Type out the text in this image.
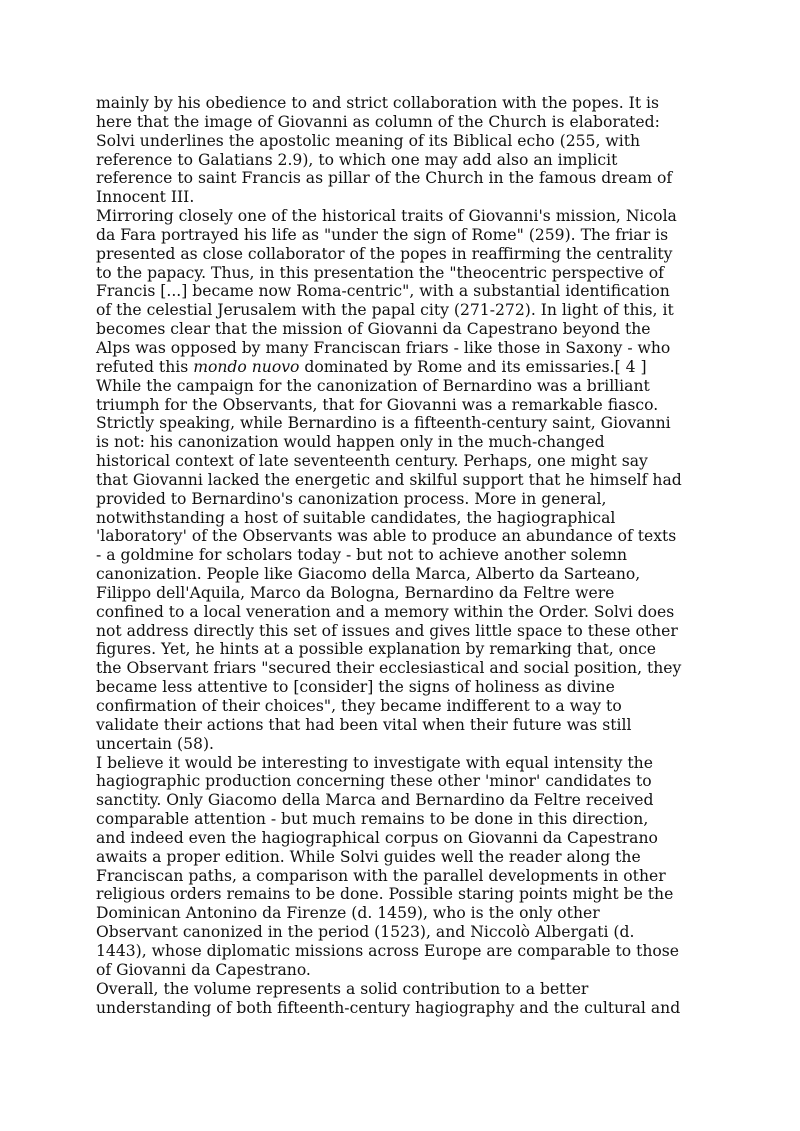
mainly by his obedience to and strict collaboration with the popes. It is
here that the image of Giovanni as column of the Church is elaborated:
Solvi underlines the apostolic meaning of its Biblical echo (255, with
reference to Galatians 2.9), to which one may add also an implicit
reference to saint Francis as pillar of the Church in the famous dream of
Innocent III.
Mirroring closely one of the historical traits of Giovanni's mission, Nicola
da Fara portrayed his life as "under the sign of Rome" (259). The friar is
presented as close collaborator of the popes in reaffirming the centrality
to the papacy. Thus, in this presentation the "theocentric perspective of
Francis [...] became now Roma-centric", with a substantial identification
of the celestial Jerusalem with the papal city (271-272). In light of this, it
becomes clear that the mission of Giovanni da Capestrano beyond the
Alps was opposed by many Franciscan friars - like those in Saxony - who
refuted this mondo nuovo dominated by Rome and its emissaries.[ 4 ]
While the campaign for the canonization of Bernardino was a brilliant
triumph for the Observants, that for Giovanni was a remarkable fiasco.
Strictly speaking, while Bernardino is a fifteenth-century saint, Giovanni
is not: his canonization would happen only in the much-changed
historical context of late seventeenth century. Perhaps, one might say
that Giovanni lacked the energetic and skilful support that he himself had
provided to Bernardino's canonization process. More in general,
notwithstanding a host of suitable candidates, the hagiographical
'laboratory' of the Observants was able to produce an abundance of texts
- a goldmine for scholars today - but not to achieve another solemn
canonization. People like Giacomo della Marca, Alberto da Sarteano,
Filippo dell'Aquila, Marco da Bologna, Bernardino da Feltre were
confined to a local veneration and a memory within the Order. Solvi does
not address directly this set of issues and gives little space to these other
figures. Yet, he hints at a possible explanation by remarking that, once
the Observant friars "secured their ecclesiastical and social position, they
became less attentive to [consider] the signs of holiness as divine
confirmation of their choices", they became indifferent to a way to
validate their actions that had been vital when their future was still
uncertain (58).
I believe it would be interesting to investigate with equal intensity the
hagiographic production concerning these other 'minor' candidates to
sanctity. Only Giacomo della Marca and Bernardino da Feltre received
comparable attention - but much remains to be done in this direction,
and indeed even the hagiographical corpus on Giovanni da Capestrano
awaits a proper edition. While Solvi guides well the reader along the
Franciscan paths, a comparison with the parallel developments in other
religious orders remains to be done. Possible staring points might be the
Dominican Antonino da Firenze (d. 1459), who is the only other
Observant canonized in the period (1523), and Niccolò Albergati (d.
1443), whose diplomatic missions across Europe are comparable to those
of Giovanni da Capestrano.
Overall, the volume represents a solid contribution to a better
understanding of both fifteenth-century hagiography and the cultural and
